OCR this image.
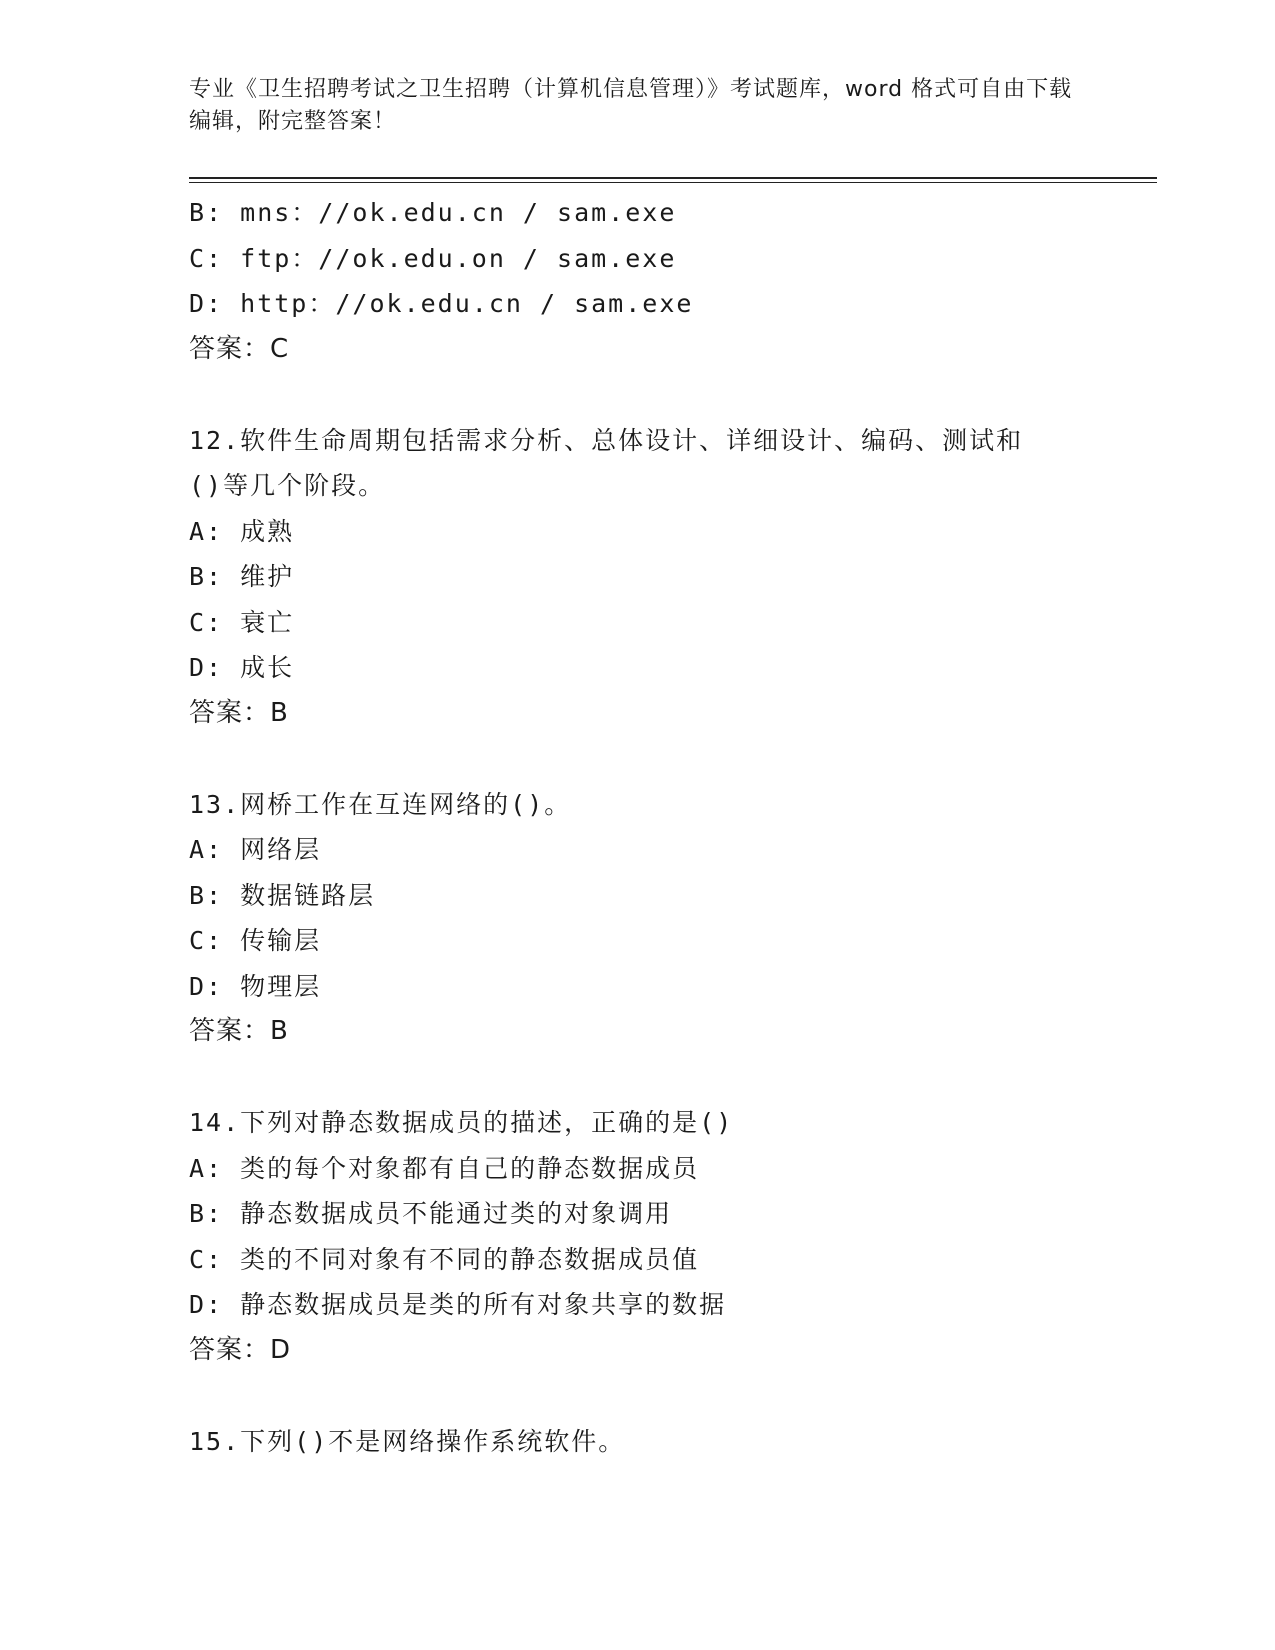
专业《卫生招聘考试之卫生招聘（计算机信息管理）》考试题库，word 格式可自由下载编辑，附完整答案！
B: mns：//ok.edu.cn / sam.exe
C: ftp：//ok.edu.on / sam.exe
D: http：//ok.edu.cn / sam.exe
答案：C
12.软件生命周期包括需求分析、总体设计、详细设计、编码、测试和
()等几个阶段。
A: 成熟
B: 维护
C: 衰亡
D: 成长
答案：B
13.网桥工作在互连网络的()。
A: 网络层
B: 数据链路层
C: 传输层
D: 物理层
答案：B
14.下列对静态数据成员的描述，正确的是()
A: 类的每个对象都有自己的静态数据成员
B: 静态数据成员不能通过类的对象调用
C: 类的不同对象有不同的静态数据成员值
D: 静态数据成员是类的所有对象共享的数据
答案：D
15.下列()不是网络操作系统软件。
